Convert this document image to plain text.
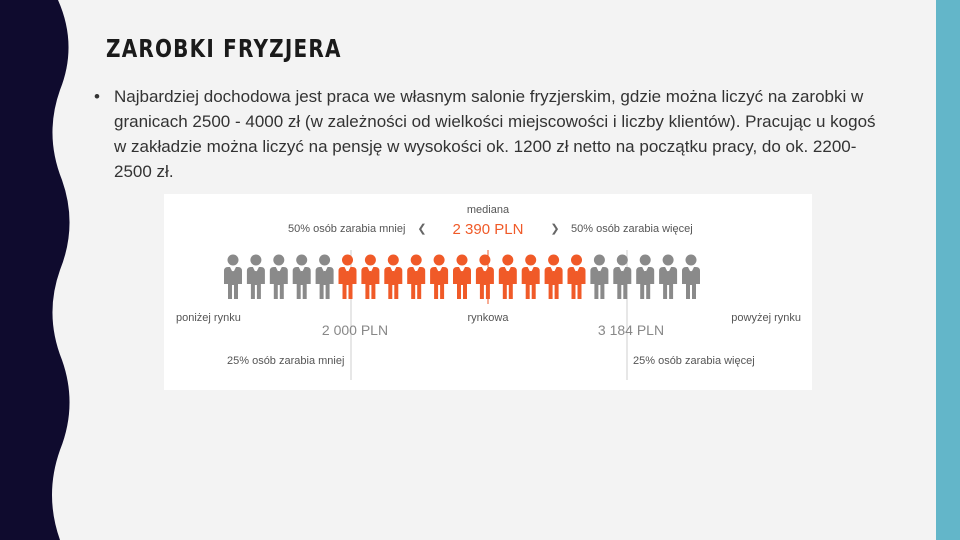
ZAROBKI FRYZJERA
• Najbardziej dochodowa jest praca we własnym salonie fryzjerskim, gdzie można liczyć na zarobki w granicach 2500 - 4000 zł (w zależności od wielkości miejscowości i liczby klientów). Pracując u kogoś w zakładzie można liczyć na pensję w wysokości ok. 1200 zł netto na początku pracy, do ok. 2200-2500 zł.

mediana
50% osób zarabia mniej ❮ 2 390 PLN ❯ 50% osób zarabia więcej
poniżej rynku	rynkowa	powyżej rynku
2 000 PLN	3 184 PLN
25% osób zarabia mniej	25% osób zarabia więcej
